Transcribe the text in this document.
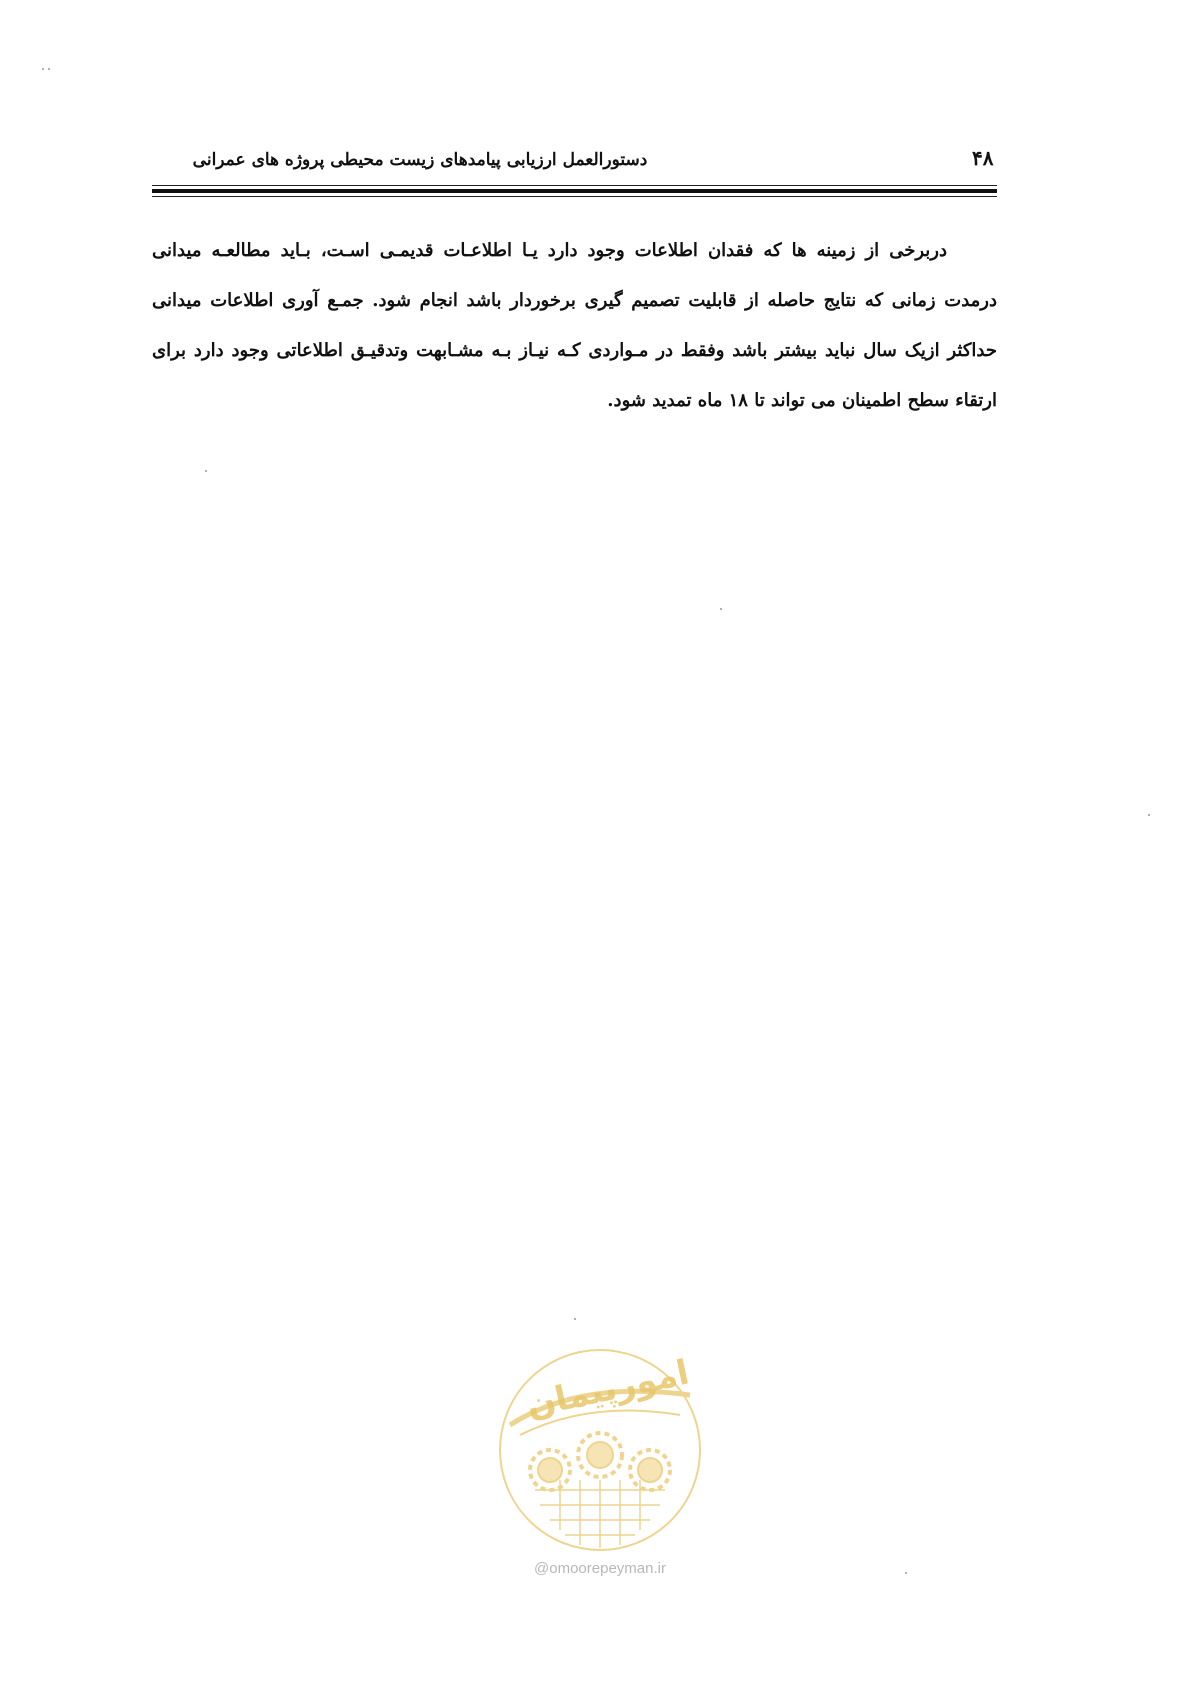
۴۸
دستورالعمل ارزیابی پیامدهای زیست محیطی پروژه های عمرانی
دربرخی از زمینه ها که فقدان اطلاعات وجود دارد یـا اطلاعـات قدیمـی اسـت، بـاید مطالعـه میدانی درمدت زمانی که نتایج حاصله از قابلیت تصمیم گیری برخوردار باشد انجام شود. جمـع آوری اطلاعات میدانی حداکثر ازیک سال نباید بیشتر باشد وفقط در مـواردی کـه نیـاز بـه مشـابهت وتدقیـق اطلاعاتی وجود دارد برای ارتقاء سطح اطمینان می تواند تا ۱۸ ماه تمدید شود.
امورپیمان
@omoorepeyman.ir
